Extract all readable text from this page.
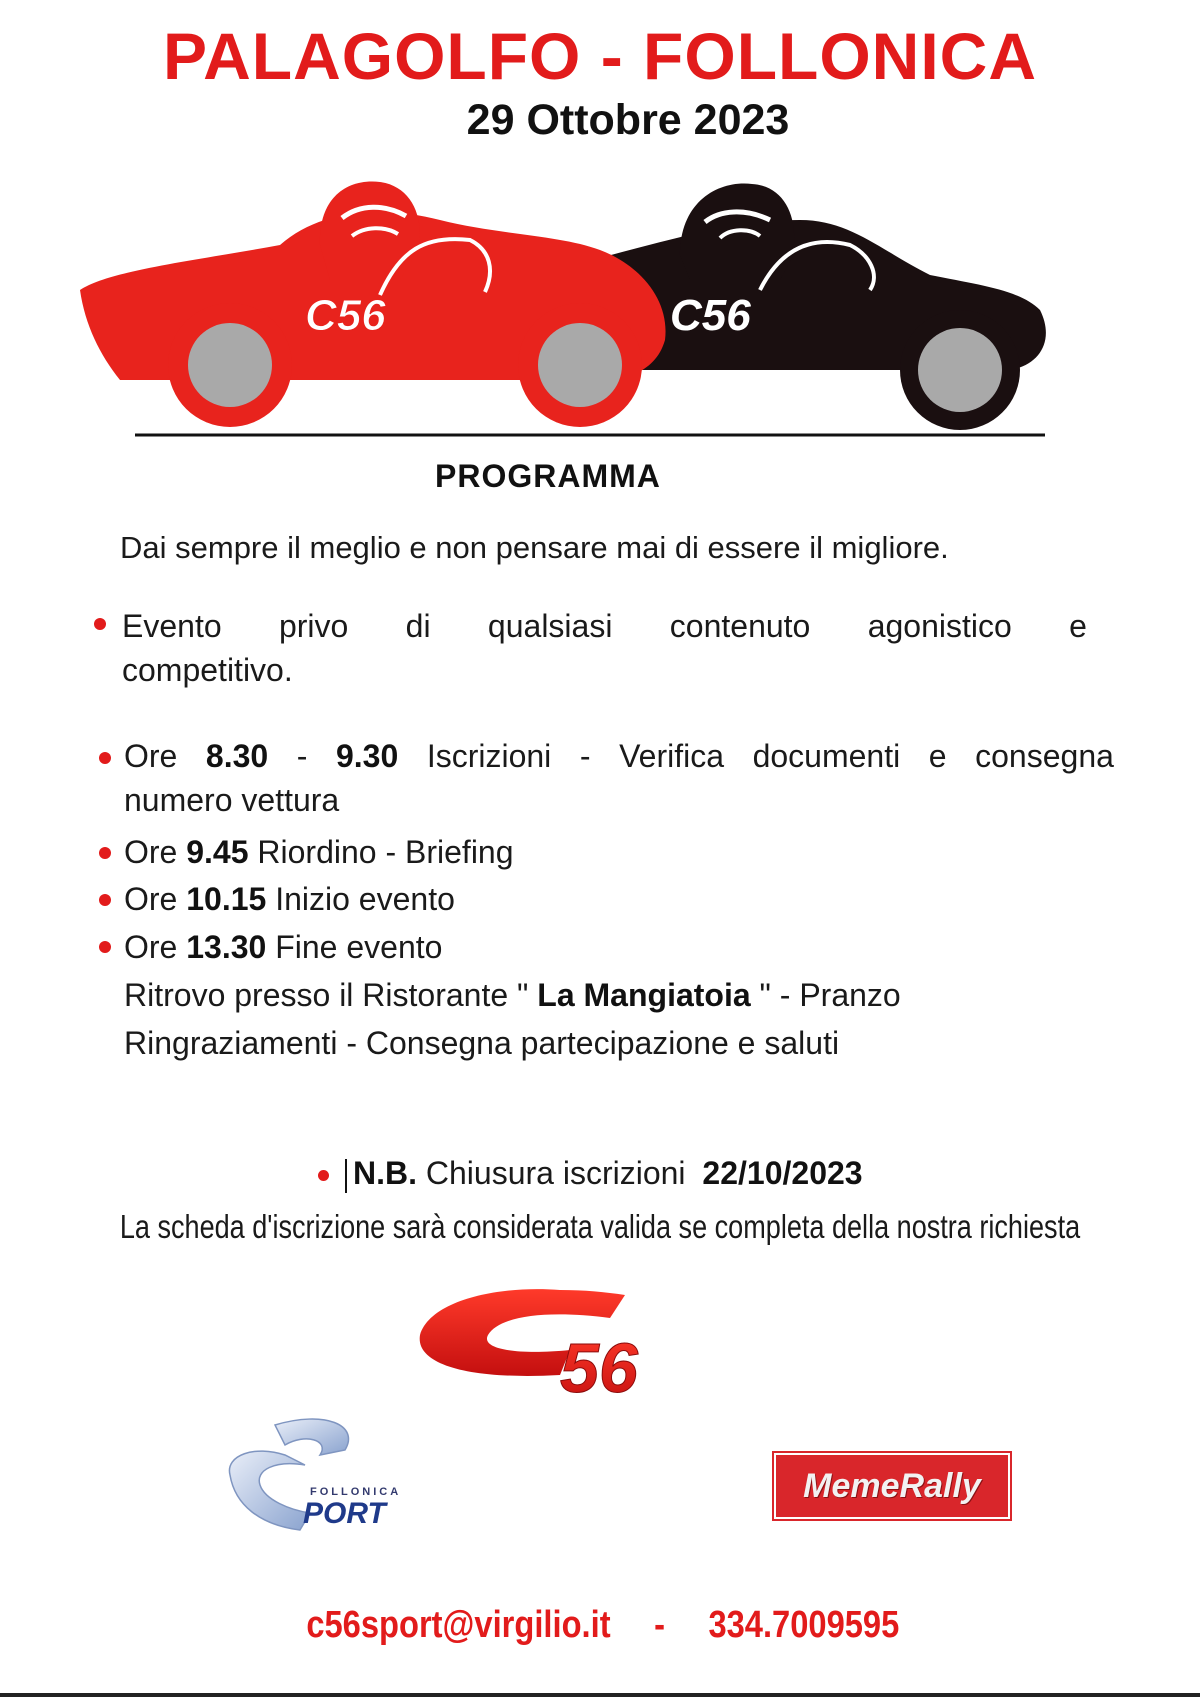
PALAGOLFO - FOLLONICA
29 Ottobre 2023
C56	C56
PROGRAMMA
Dai sempre il meglio e non pensare mai di essere il migliore.
Evento privo di qualsiasi contenuto agonistico e
competitivo.
Ore 8.30 - 9.30 Iscrizioni - Verifica documenti e consegna
numero vettura
Ore 9.45 Riordino - Briefing
Ore 10.15 Inizio evento
Ore 13.30 Fine evento
Ritrovo presso il Ristorante " La Mangiatoia " - Pranzo
Ringraziamenti - Consegna partecipazione e saluti
N.B. Chiusura iscrizioni 22/10/2023
La scheda d'iscrizione sarà considerata valida se completa della nostra richiesta
56
FOLLONICA
PORT
MemeRally
c56sport@virgilio.it - 334.7009595
